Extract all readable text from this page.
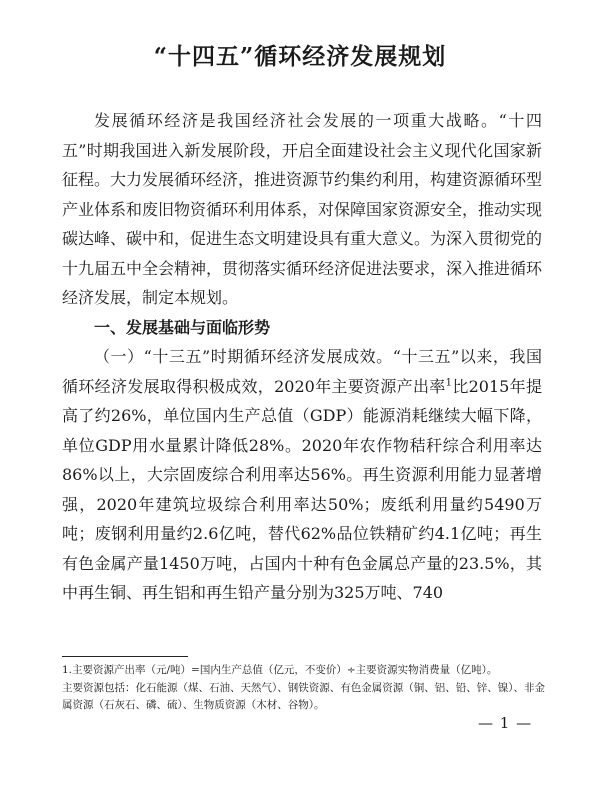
“十四五”循环经济发展规划

发展循环经济是我国经济社会发展的一项重大战略。“十四五”时期我国进入新发展阶段，开启全面建设社会主义现代化国家新征程。大力发展循环经济，推进资源节约集约利用，构建资源循环型产业体系和废旧物资循环利用体系，对保障国家资源安全，推动实现碳达峰、碳中和，促进生态文明建设具有重大意义。为深入贯彻党的十九届五中全会精神，贯彻落实循环经济促进法要求，深入推进循环经济发展，制定本规划。

一、发展基础与面临形势

（一）“十三五”时期循环经济发展成效。“十三五”以来，我国循环经济发展取得积极成效，2020年主要资源产出率$^1$比2015年提高了约26%，单位国内生产总值（GDP）能源消耗继续大幅下降，单位GDP用水量累计降低28%。2020年农作物秸秆综合利用率达86%以上，大宗固废综合利用率达56%。再生资源利用能力显著增强，2020年建筑垃圾综合利用率达50%；废纸利用量约5490万吨；废钢利用量约2.6亿吨，替代62%品位铁精矿约4.1亿吨；再生有色金属产量1450万吨，占国内十种有色金属总产量的23.5%，其中再生铜、再生铝和再生铅产量分别为325万吨、740

1.主要资源产出率（元/吨）=国内生产总值（亿元，不变价）÷主要资源实物消费量（亿吨）。
主要资源包括：化石能源（煤、石油、天然气）、钢铁资源、有色金属资源（铜、铝、铅、锌、镍）、非金属资源（石灰石、磷、硫）、生物质资源（木材、谷物）。
— 1 —
